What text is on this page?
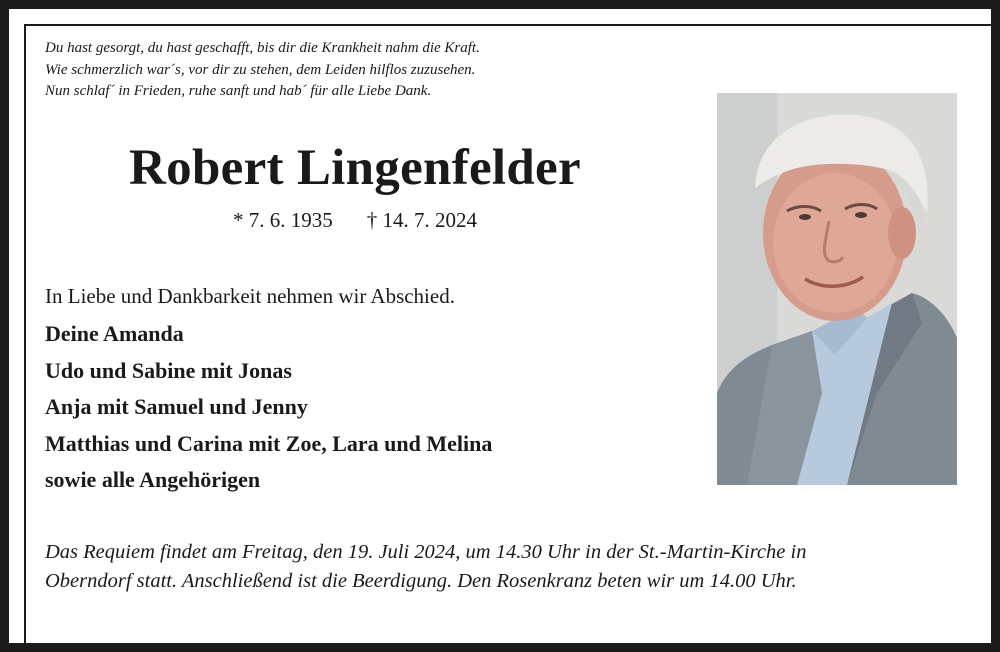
Du hast gesorgt, du hast geschafft, bis dir die Krankheit nahm die Kraft.
Wie schmerzlich war´s, vor dir zu stehen, dem Leiden hilflos zuzusehen.
Nun schlaf´ in Frieden, ruhe sanft und hab´ für alle Liebe Dank.
Robert Lingenfelder
* 7. 6. 1935 † 14. 7. 2024
In Liebe und Dankbarkeit nehmen wir Abschied.
Deine Amanda
Udo und Sabine mit Jonas
Anja mit Samuel und Jenny
Matthias und Carina mit Zoe, Lara und Melina
sowie alle Angehörigen
Das Requiem findet am Freitag, den 19. Juli 2024, um 14.30 Uhr in der St.-Martin-Kirche in
Oberndorf statt. Anschließend ist die Beerdigung. Den Rosenkranz beten wir um 14.00 Uhr.
